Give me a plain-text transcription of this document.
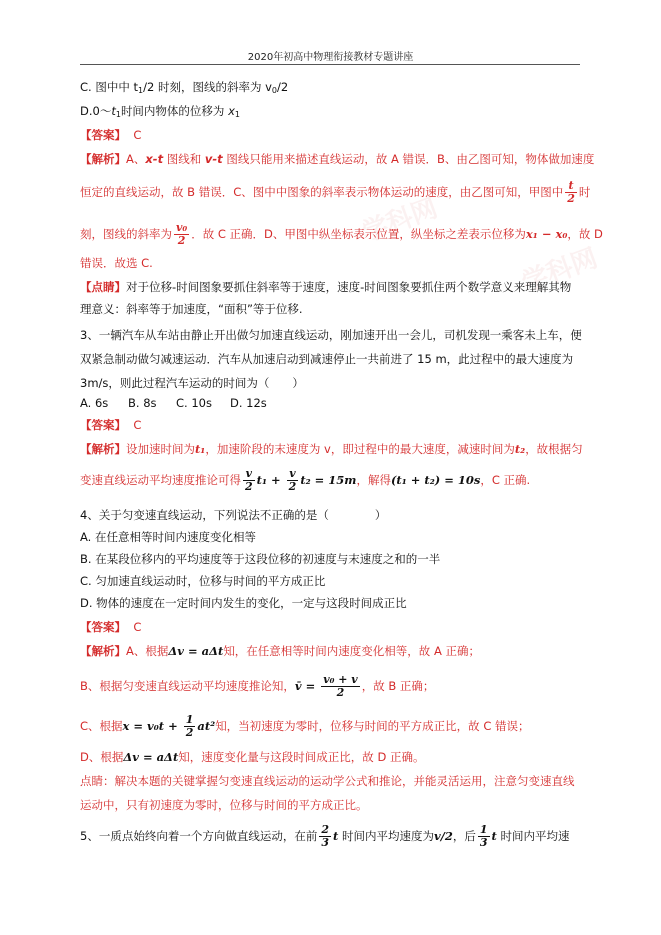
2020年初高中物理衔接教材专题讲座
学科网
学科网
C. 图中中 $t_1/2$ 时刻，图线的斜率为 $v_0/2$
$D.0\sim t_1$时间内物体的位移为 $x_1$
【答案】 C
【解析】A、x-t 图线和 v-t 图线只能用来描述直线运动，故 A 错误．B、由乙图可知，物体做加速度
恒定的直线运动，故 B 错误．C、图中中图象的斜率表示物体运动的速度，由乙图可知，甲图中 $\frac{t}{2}$ 时
刻，图线的斜率为 $\frac{\text{v₀}}{2}$ ．故 C 正确．D、甲图中纵坐标表示位置，纵坐标之差表示位移为x₁ − x₀，故 D
错误．故选 C.
【点睛】对于位移-时间图象要抓住斜率等于速度，速度-时间图象要抓住两个数学意义来理解其物
理意义：斜率等于加速度，“面积”等于位移.
3、一辆汽车从车站由静止开出做匀加速直线运动，刚加速开出一会儿，司机发现一乘客未上车，便
双紧急制动做匀减速运动．汽车从加速启动到减速停止一共前进了 15 m，此过程中的最大速度为
3m/s，则此过程汽车运动的时间为（　　）
A. 6s B. 8s C. 10s D. 12s
【答案】 C
【解析】设加速时间为t₁，加速阶段的末速度为 v，即过程中的最大速度，减速时间为t₂，故根据匀
变速直线运动平均速度推论可得 $\frac{v}{2} t_1 + \frac{v}{2} t_2 = 15m$，解得(t₁ + t₂) = 10s，C 正确.
4、关于匀变速直线运动，下列说法不正确的是（　　　　）
A. 在任意相等时间内速度变化相等
B. 在某段位移内的平均速度等于这段位移的初速度与末速度之和的一半
C. 匀加速直线运动时，位移与时间的平方成正比
D. 物体的速度在一定时间内发生的变化，一定与这段时间成正比
【答案】 C
【解析】A、根据Δv = aΔt知，在任意相等时间内速度变化相等，故 A 正确；
B、根据匀变速直线运动平均速度推论知，v̄ = $\frac{\text{v₀ + v}}{2}$ ，故 B 正确；
C、根据$x = v_0t + \frac{1}{2} at^2$知，当初速度为零时，位移与时间的平方成正比，故 C 错误；
D、根据Δv = aΔt知，速度变化量与这段时间成正比，故 D 正确。
点睛：解决本题的关键掌握匀变速直线运动的运动学公式和推论，并能灵活运用，注意匀变速直线
运动中，只有初速度为零时，位移与时间的平方成正比。
5、一质点始终向着一个方向做直线运动，在前 $\frac{2}{3}$ t 时间内平均速度为v/2，后 $\frac{1}{3}$ t 时间内平均速
